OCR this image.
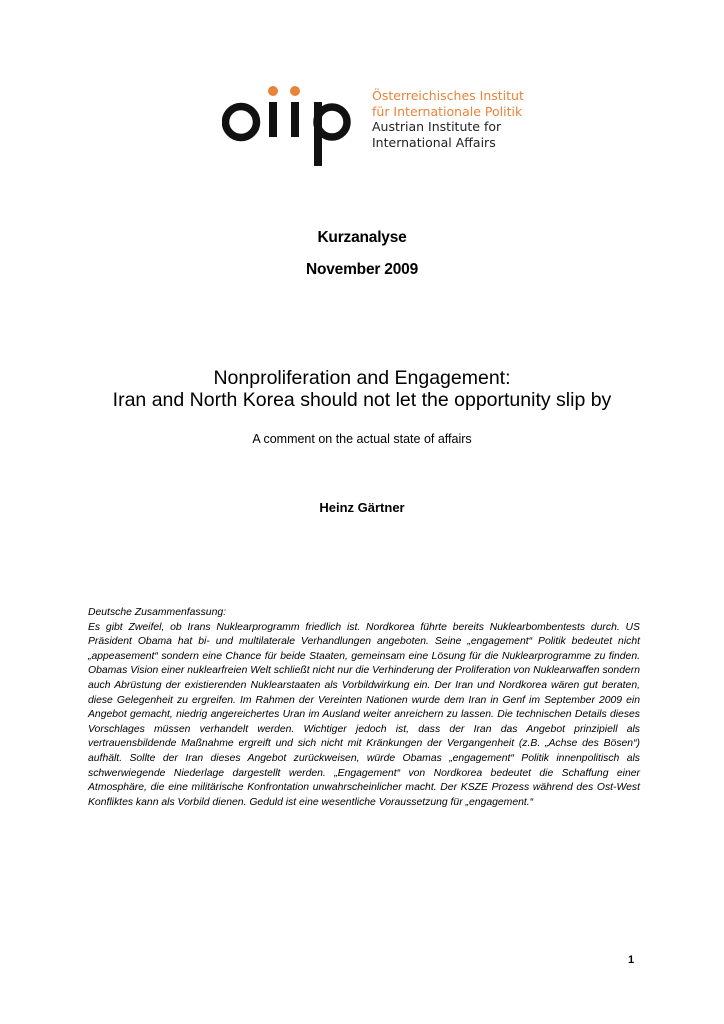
Österreichisches Institut
für Internationale Politik
Austrian Institute for
International Affairs
Kurzanalyse
November 2009
Nonproliferation and Engagement:
Iran and North Korea should not let the opportunity slip by
A comment on the actual state of affairs
Heinz Gärtner
Deutsche Zusammenfassung:
Es gibt Zweifel, ob Irans Nuklearprogramm friedlich ist. Nordkorea führte bereits Nuklearbombentests durch. US Präsident Obama hat bi- und multilaterale Verhandlungen angeboten. Seine „engagement“ Politik bedeutet nicht „appeasement“ sondern eine Chance für beide Staaten, gemeinsam eine Lösung für die Nuklearprogramme zu finden. Obamas Vision einer nuklearfreien Welt schließt nicht nur die Verhinderung der Proliferation von Nuklearwaffen sondern auch Abrüstung der existierenden Nuklearstaaten als Vorbildwirkung ein. Der Iran und Nordkorea wären gut beraten, diese Gelegenheit zu ergreifen. Im Rahmen der Vereinten Nationen wurde dem Iran in Genf im September 2009 ein Angebot gemacht, niedrig angereichertes Uran im Ausland weiter anreichern zu lassen. Die technischen Details dieses Vorschlages müssen verhandelt werden. Wichtiger jedoch ist, dass der Iran das Angebot prinzipiell als vertrauensbildende Maßnahme ergreift und sich nicht mit Kränkungen der Vergangenheit (z.B. „Achse des Bösen“) aufhält. Sollte der Iran dieses Angebot zurückweisen, würde Obamas „engagement“ Politik innenpolitisch als schwerwiegende Niederlage dargestellt werden. „Engagement“ von Nordkorea bedeutet die Schaffung einer Atmosphäre, die eine militärische Konfrontation unwahrscheinlicher macht. Der KSZE Prozess während des Ost-West Konfliktes kann als Vorbild dienen. Geduld ist eine wesentliche Voraussetzung für „engagement.“
1
